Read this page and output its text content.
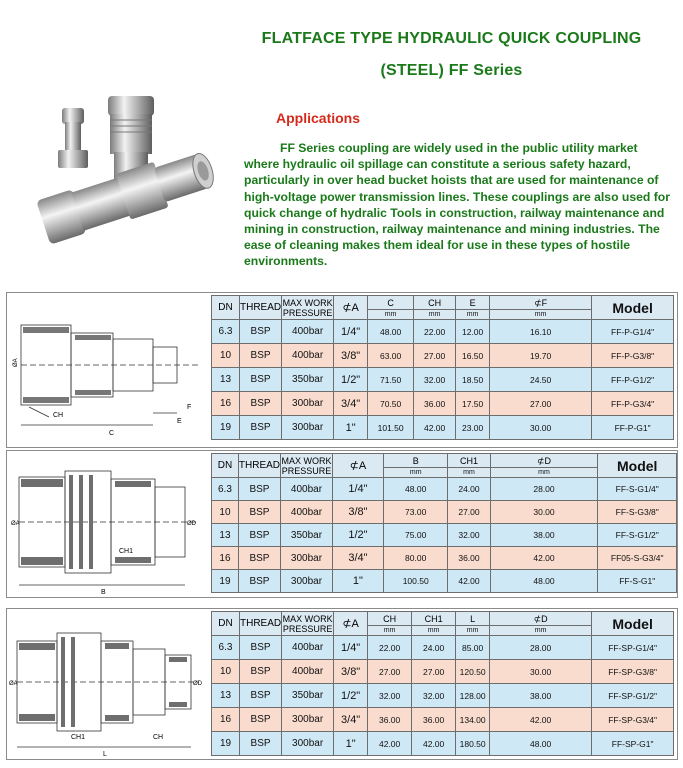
FLATFACE TYPE HYDRAULIC QUICK COUPLING
(STEEL) FF Series
Applications
FF Series coupling are widely used in the public utility market where hydraulic oil spillage can constitute a serious safety hazard, particularly in over head bucket hoists that are used for maintenance of high-voltage power transmission lines. These couplings are also used for quick change of hydralic Tools in construction, railway maintenance and mining in construction, railway maintenance and mining industries. The ease of cleaning makes them ideal for use in these types of hostile environments.
CH
C
E
F
ØA
DN	THREAD	MAX WORK PRESSURE	⊄A	C	CH	E	⊄F	Model
				mm	mm	mm	mm	
6.3	BSP	400bar	1/4"	48.00	22.00	12.00	16.10	FF-P-G1/4"
10	BSP	400bar	3/8"	63.00	27.00	16.50	19.70	FF-P-G3/8"
13	BSP	350bar	1/2"	71.50	32.00	18.50	24.50	FF-P-G1/2"
16	BSP	300bar	3/4"	70.50	36.00	17.50	27.00	FF-P-G3/4"
19	BSP	300bar	1"	101.50	42.00	23.00	30.00	FF-P-G1"
CH1
B
ØA	ØD
DN	THREAD	MAX WORK PRESSURE	⊄A	B	CH1	⊄D	Model
				mm	mm	mm	
6.3	BSP	400bar	1/4"	48.00	24.00	28.00	FF-S-G1/4"
10	BSP	400bar	3/8"	73.00	27.00	30.00	FF-S-G3/8"
13	BSP	350bar	1/2"	75.00	32.00	38.00	FF-S-G1/2"
16	BSP	300bar	3/4"	80.00	36.00	42.00	FF05-S-G3/4"
19	BSP	300bar	1"	100.50	42.00	48.00	FF-S-G1"
CH1	CH
L
ØA	ØD
DN	THREAD	MAX WORK PRESSURE	⊄A	CH	CH1	L	⊄D	Model
				mm	mm	mm	mm	
6.3	BSP	400bar	1/4"	22.00	24.00	85.00	28.00	FF-SP-G1/4"
10	BSP	400bar	3/8"	27.00	27.00	120.50	30.00	FF-SP-G3/8"
13	BSP	350bar	1/2"	32.00	32.00	128.00	38.00	FF-SP-G1/2"
16	BSP	300bar	3/4"	36.00	36.00	134.00	42.00	FF-SP-G3/4"
19	BSP	300bar	1"	42.00	42.00	180.50	48.00	FF-SP-G1"
